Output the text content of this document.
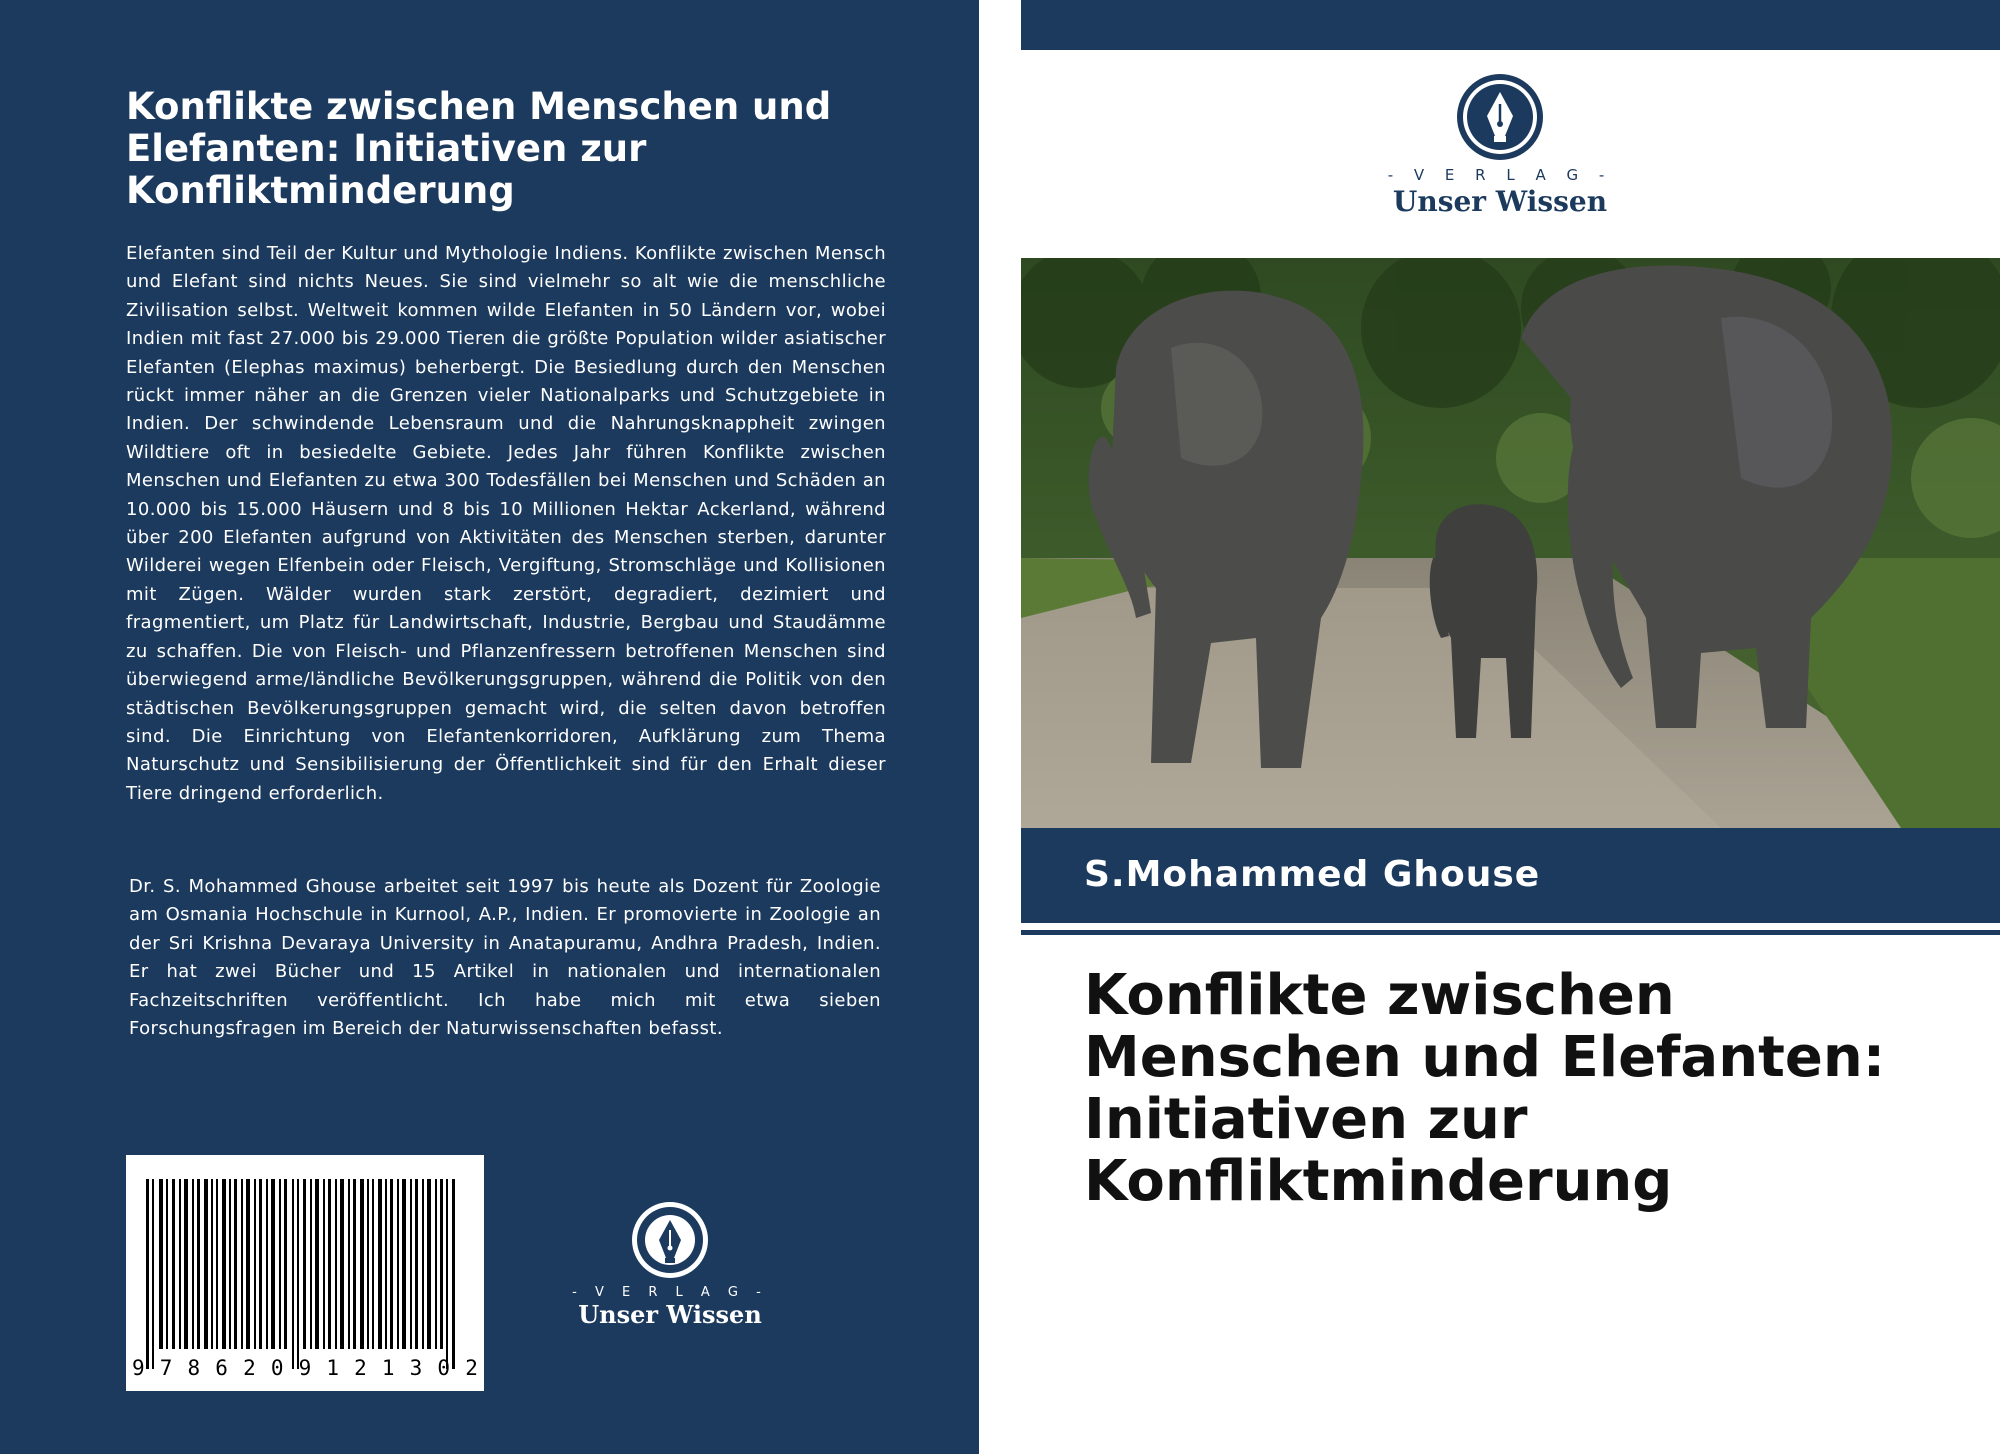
Konflikte zwischen Menschen und Elefanten: Initiativen zur Konfliktminderung

Elefanten sind Teil der Kultur und Mythologie Indiens. Konflikte zwischen Mensch und Elefant sind nichts Neues. Sie sind vielmehr so alt wie die menschliche Zivilisation selbst. Weltweit kommen wilde Elefanten in 50 Ländern vor, wobei Indien mit fast 27.000 bis 29.000 Tieren die größte Population wilder asiatischer Elefanten (Elephas maximus) beherbergt. Die Besiedlung durch den Menschen rückt immer näher an die Grenzen vieler Nationalparks und Schutzgebiete in Indien. Der schwindende Lebensraum und die Nahrungsknappheit zwingen Wildtiere oft in besiedelte Gebiete. Jedes Jahr führen Konflikte zwischen Menschen und Elefanten zu etwa 300 Todesfällen bei Menschen und Schäden an 10.000 bis 15.000 Häusern und 8 bis 10 Millionen Hektar Ackerland, während über 200 Elefanten aufgrund von Aktivitäten des Menschen sterben, darunter Wilderei wegen Elfenbein oder Fleisch, Vergiftung, Stromschläge und Kollisionen mit Zügen. Wälder wurden stark zerstört, degradiert, dezimiert und fragmentiert, um Platz für Landwirtschaft, Industrie, Bergbau und Staudämme zu schaffen. Die von Fleisch- und Pflanzenfressern betroffenen Menschen sind überwiegend arme/ländliche Bevölkerungsgruppen, während die Politik von den städtischen Bevölkerungsgruppen gemacht wird, die selten davon betroffen sind. Die Einrichtung von Elefantenkorridoren, Aufklärung zum Thema Naturschutz und Sensibilisierung der Öffentlichkeit sind für den Erhalt dieser Tiere dringend erforderlich.

Dr. S. Mohammed Ghouse arbeitet seit 1997 bis heute als Dozent für Zoologie am Osmania Hochschule in Kurnool, A.P., Indien. Er promovierte in Zoologie an der Sri Krishna Devaraya University in Anatapuramu, Andhra Pradesh, Indien. Er hat zwei Bücher und 15 Artikel in nationalen und internationalen Fachzeitschriften veröffentlicht. Ich habe mich mit etwa sieben Forschungsfragen im Bereich der Naturwissenschaften befasst.

9 7 8 6 2 0 9 1 2 1 3 0 2
- V E R L A G -
Unser Wissen
- V E R L A G -
Unser Wissen

S.Mohammed Ghouse

Konflikte zwischen Menschen und Elefanten: Initiativen zur Konfliktminderung
